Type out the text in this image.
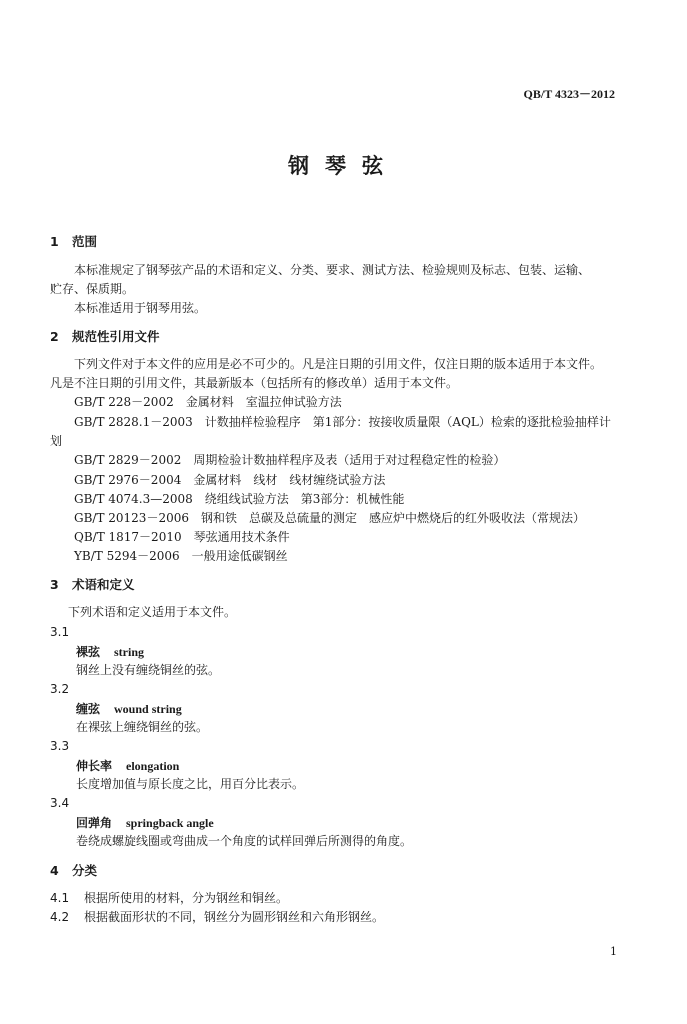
QB/T 4323－2012
钢琴弦
1 范围
本标准规定了钢琴弦产品的术语和定义、分类、要求、测试方法、检验规则及标志、包装、运输、
贮存、保质期。
本标准适用于钢琴用弦。
2 规范性引用文件
下列文件对于本文件的应用是必不可少的。凡是注日期的引用文件，仅注日期的版本适用于本文件。
凡是不注日期的引用文件，其最新版本（包括所有的修改单）适用于本文件。
GB/T 228－2002　金属材料　室温拉伸试验方法
GB/T 2828.1－2003　计数抽样检验程序　第1部分：按接收质量限（AQL）检索的逐批检验抽样计
划
GB/T 2829－2002　周期检验计数抽样程序及表（适用于对过程稳定性的检验）
GB/T 2976－2004　金属材料　线材　线材缠绕试验方法
GB/T 4074.3—2008　绕组线试验方法　第3部分：机械性能
GB/T 20123－2006　钢和铁　总碳及总硫量的测定　感应炉中燃烧后的红外吸收法（常规法）
QB/T 1817－2010　琴弦通用技术条件
YB/T 5294－2006　一般用途低碳钢丝
3 术语和定义
下列术语和定义适用于本文件。
3.1
裸弦 string
钢丝上没有缠绕铜丝的弦。
3.2
缠弦 wound string
在裸弦上缠绕铜丝的弦。
3.3
伸长率 elongation
长度增加值与原长度之比，用百分比表示。
3.4
回弹角 springback angle
卷绕成螺旋线圈或弯曲成一个角度的试样回弹后所测得的角度。
4 分类
4.1 根据所使用的材料，分为钢丝和铜丝。
4.2 根据截面形状的不同，钢丝分为圆形钢丝和六角形钢丝。
1
